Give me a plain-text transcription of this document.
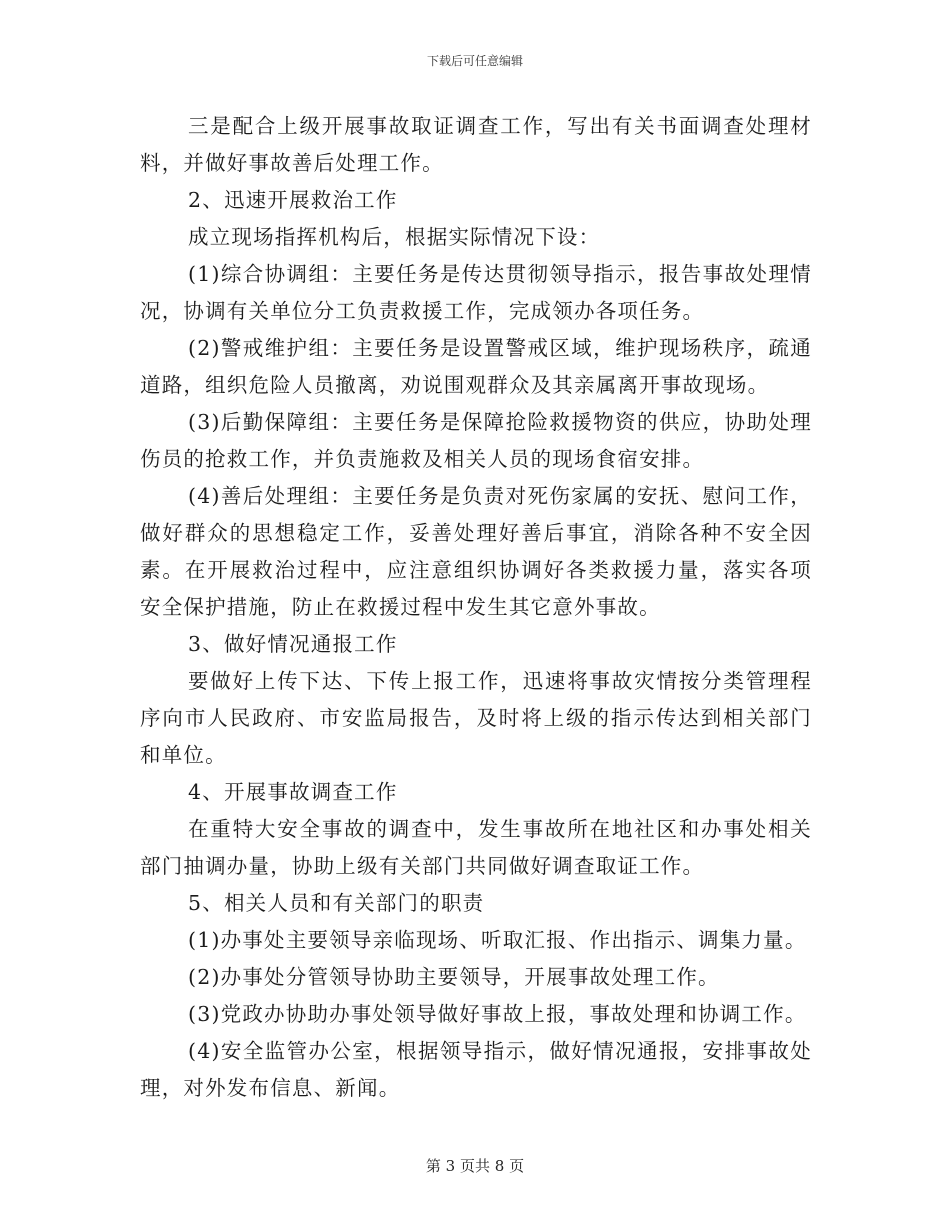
下载后可任意编辑

三是配合上级开展事故取证调查工作，写出有关书面调查处理材料，并做好事故善后处理工作。

2、迅速开展救治工作

成立现场指挥机构后，根据实际情况下设：

(1)综合协调组：主要任务是传达贯彻领导指示，报告事故处理情况，协调有关单位分工负责救援工作，完成领办各项任务。

(2)警戒维护组：主要任务是设置警戒区域，维护现场秩序，疏通道路，组织危险人员撤离，劝说围观群众及其亲属离开事故现场。

(3)后勤保障组：主要任务是保障抢险救援物资的供应，协助处理伤员的抢救工作，并负责施救及相关人员的现场食宿安排。

(4)善后处理组：主要任务是负责对死伤家属的安抚、慰问工作，做好群众的思想稳定工作，妥善处理好善后事宜，消除各种不安全因素。在开展救治过程中，应注意组织协调好各类救援力量，落实各项安全保护措施，防止在救援过程中发生其它意外事故。

3、做好情况通报工作

要做好上传下达、下传上报工作，迅速将事故灾情按分类管理程序向市人民政府、市安监局报告，及时将上级的指示传达到相关部门和单位。

4、开展事故调查工作

在重特大安全事故的调查中，发生事故所在地社区和办事处相关部门抽调办量，协助上级有关部门共同做好调查取证工作。

5、相关人员和有关部门的职责

(1)办事处主要领导亲临现场、听取汇报、作出指示、调集力量。

(2)办事处分管领导协助主要领导，开展事故处理工作。

(3)党政办协助办事处领导做好事故上报，事故处理和协调工作。

(4)安全监管办公室，根据领导指示，做好情况通报，安排事故处理，对外发布信息、新闻。

第 3 页共 8 页
